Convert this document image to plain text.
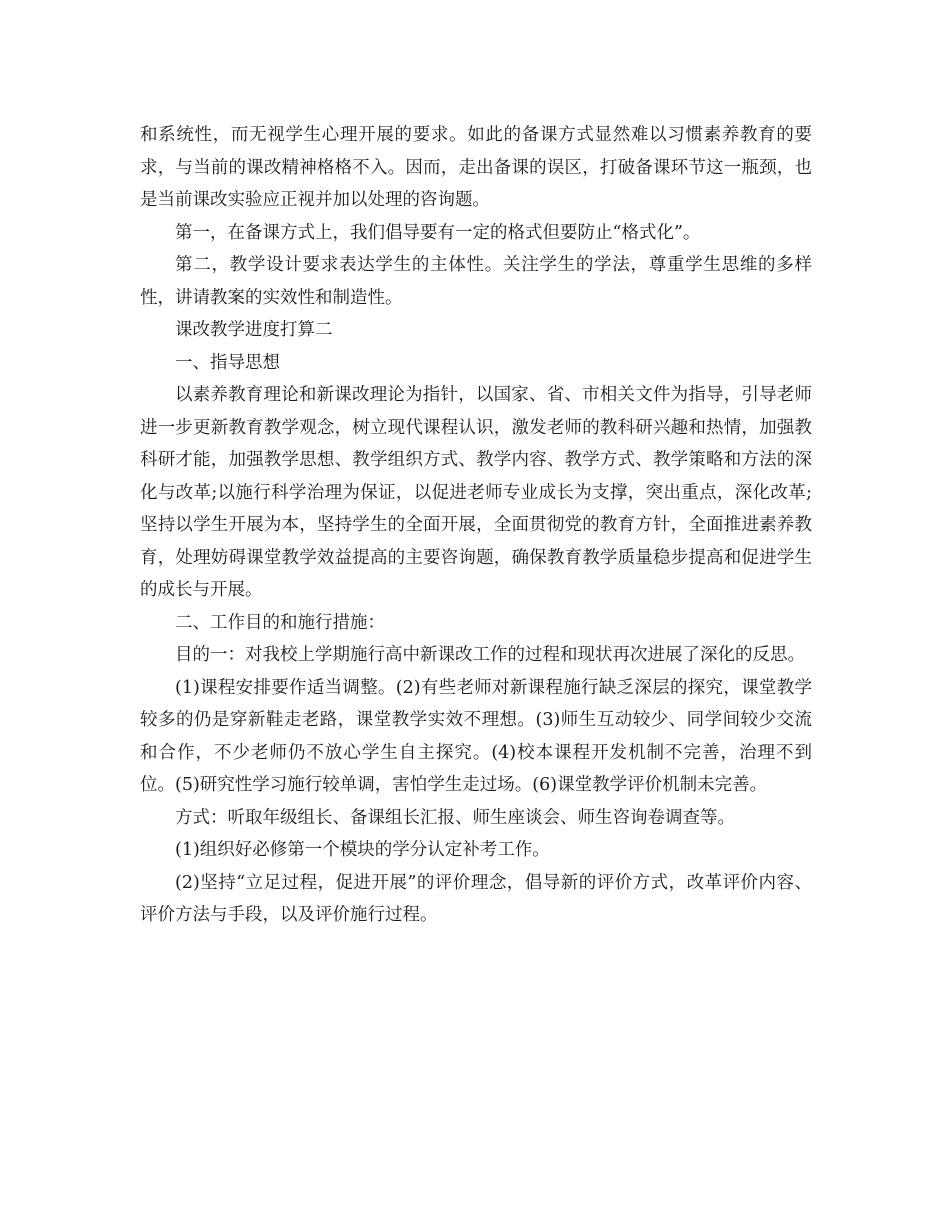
和系统性，而无视学生心理开展的要求。如此的备课方式显然难以习惯素养教育的要求，与当前的课改精神格格不入。因而，走出备课的误区，打破备课环节这一瓶颈，也是当前课改实验应正视并加以处理的咨询题。

第一，在备课方式上，我们倡导要有一定的格式但要防止“格式化”。

第二，教学设计要求表达学生的主体性。关注学生的学法，尊重学生思维的多样性，讲请教案的实效性和制造性。

课改教学进度打算二

一、指导思想

以素养教育理论和新课改理论为指针，以国家、省、市相关文件为指导，引导老师进一步更新教育教学观念，树立现代课程认识，激发老师的教科研兴趣和热情，加强教科研才能，加强教学思想、教学组织方式、教学内容、教学方式、教学策略和方法的深化与改革;以施行科学治理为保证，以促进老师专业成长为支撑，突出重点，深化改革;坚持以学生开展为本，坚持学生的全面开展，全面贯彻党的教育方针，全面推进素养教育，处理妨碍课堂教学效益提高的主要咨询题，确保教育教学质量稳步提高和促进学生的成长与开展。

二、工作目的和施行措施：

目的一：对我校上学期施行高中新课改工作的过程和现状再次进展了深化的反思。

(1)课程安排要作适当调整。(2)有些老师对新课程施行缺乏深层的探究，课堂教学较多的仍是穿新鞋走老路，课堂教学实效不理想。(3)师生互动较少、同学间较少交流和合作，不少老师仍不放心学生自主探究。(4)校本课程开发机制不完善，治理不到位。(5)研究性学习施行较单调，害怕学生走过场。(6)课堂教学评价机制未完善。

方式：听取年级组长、备课组长汇报、师生座谈会、师生咨询卷调查等。

(1)组织好必修第一个模块的学分认定补考工作。

(2)坚持“立足过程，促进开展”的评价理念，倡导新的评价方式，改革评价内容、评价方法与手段，以及评价施行过程。
